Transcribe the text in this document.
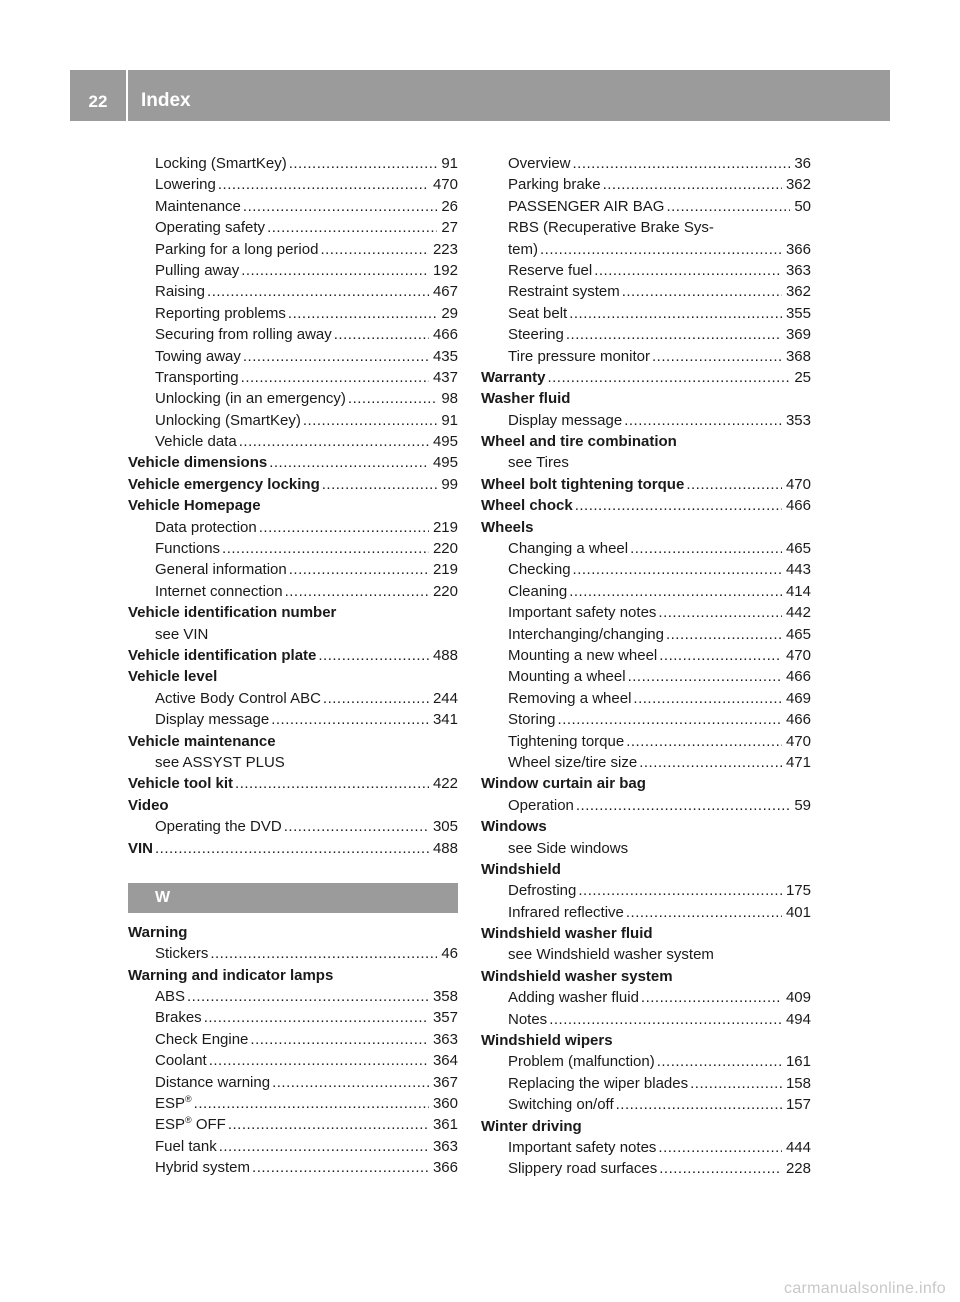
22	Index
Locking (SmartKey) .....	91
Lowering .....	470
Maintenance .....	26
Operating safety .....	27
Parking for a long period .....	223
Pulling away .....	192
Raising .....	467
Reporting problems .....	29
Securing from rolling away .....	466
Towing away .....	435
Transporting .....	437
Unlocking (in an emergency) .....	98
Unlocking (SmartKey) .....	91
Vehicle data .....	495
Vehicle dimensions .....	495
Vehicle emergency locking .....	99
Vehicle Homepage
Data protection .....	219
Functions .....	220
General information .....	219
Internet connection .....	220
Vehicle identification number
see VIN
Vehicle identification plate .....	488
Vehicle level
Active Body Control ABC .....	244
Display message .....	341
Vehicle maintenance
see ASSYST PLUS
Vehicle tool kit .....	422
Video
Operating the DVD .....	305
VIN .....	488
W
Warning
Stickers .....	46
Warning and indicator lamps
ABS .....	358
Brakes .....	357
Check Engine .....	363
Coolant .....	364
Distance warning .....	367
ESP® .....	360
ESP® OFF .....	361
Fuel tank .....	363
Hybrid system .....	366
Overview .....	36
Parking brake .....	362
PASSENGER AIR BAG .....	50
RBS (Recuperative Brake Sys-
tem) .....	366
Reserve fuel .....	363
Restraint system .....	362
Seat belt .....	355
Steering .....	369
Tire pressure monitor .....	368
Warranty .....	25
Washer fluid
Display message .....	353
Wheel and tire combination
see Tires
Wheel bolt tightening torque .....	470
Wheel chock .....	466
Wheels
Changing a wheel .....	465
Checking .....	443
Cleaning .....	414
Important safety notes .....	442
Interchanging/changing .....	465
Mounting a new wheel .....	470
Mounting a wheel .....	466
Removing a wheel .....	469
Storing .....	466
Tightening torque .....	470
Wheel size/tire size .....	471
Window curtain air bag
Operation .....	59
Windows
see Side windows
Windshield
Defrosting .....	175
Infrared reflective .....	401
Windshield washer fluid
see Windshield washer system
Windshield washer system
Adding washer fluid .....	409
Notes .....	494
Windshield wipers
Problem (malfunction) .....	161
Replacing the wiper blades .....	158
Switching on/off .....	157
Winter driving
Important safety notes .....	444
Slippery road surfaces .....	228
carmanualsonline.info
